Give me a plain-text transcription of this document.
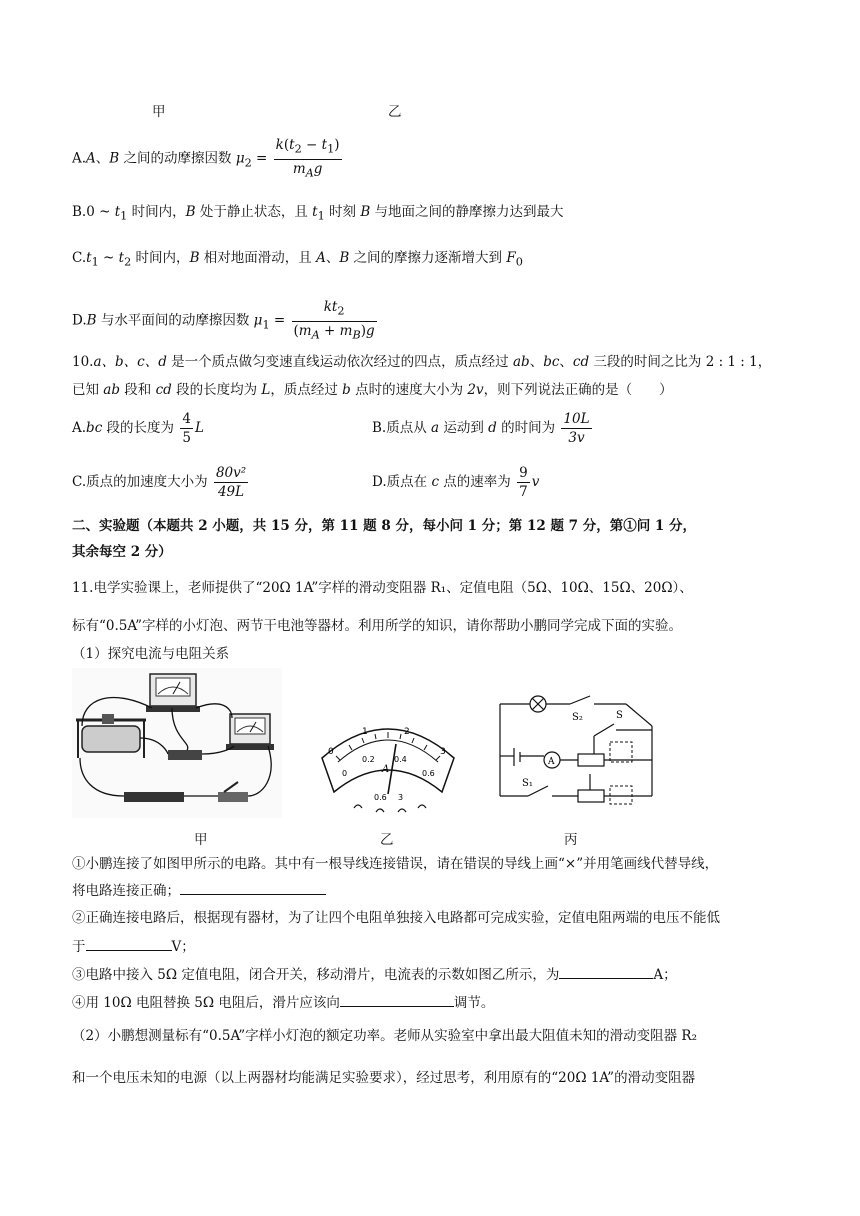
甲	乙
A.A、B 之间的动摩擦因数 $\mu_2 = \frac{k(t_2 - t_1)}{m_Ag}$
B.0 ~ $t_1$ 时间内，B 处于静止状态，且 $t_1$ 时刻 B 与地面之间的静摩擦力达到最大
$C.t_1$ ~ $t_2$ 时间内，B 相对地面滑动，且 A、B 之间的摩擦力逐渐增大到 $F_0$
D.B 与水平面间的动摩擦因数 $\mu_1 = \frac{kt_2}{(m_A + m_B)g}$
10.a、b、c、d 是一个质点做匀变速直线运动依次经过的四点，质点经过 ab、bc、cd 三段的时间之比为 2 : 1 : 1，
已知 ab 段和 cd 段的长度均为 L，质点经过 b 点时的速度大小为 2v，则下列说法正确的是（　　）
A.bc 段的长度为 $\frac{4}{5}$ L	B.质点从 a 运动到 d 的时间为 $\frac{10L}{3v}$
C.质点的加速度大小为 $\frac{\text{80v²}}{49L}$	D.质点在 c 点的速率为 $\frac{9}{7}$ v
二、实验题（本题共 2 小题，共 15 分，第 11 题 8 分，每小问 1 分；第 12 题 7 分，第①问 1 分，
其余每空 2 分）
11.电学实验课上，老师提供了“20Ω 1A”字样的滑动变阻器 R₁、定值电阻（5Ω、10Ω、15Ω、20Ω）、
标有“0.5A”字样的小灯泡、两节干电池等器材。利用所学的知识，请你帮助小鹏同学完成下面的实验。
（1）探究电流与电阻关系
0
1	2
3
0
0.2 0.4
0.6
A
0.6 3
S₂	S
S₁
A
甲	乙	丙
①小鹏连接了如图甲所示的电路。其中有一根导线连接错误，请在错误的导线上画“×”并用笔画线代替导线，
将电路连接正确；
②正确连接电路后，根据现有器材，为了让四个电阻单独接入电路都可完成实验，定值电阻两端的电压不能低
于	V；
③电路中接入 5Ω 定值电阻，闭合开关，移动滑片，电流表的示数如图乙所示，为	A；
④用 10Ω 电阻替换 5Ω 电阻后，滑片应该向	调节。
（2）小鹏想测量标有“0.5A”字样小灯泡的额定功率。老师从实验室中拿出最大阻值未知的滑动变阻器 R₂
和一个电压未知的电源（以上两器材均能满足实验要求），经过思考，利用原有的“20Ω 1A”的滑动变阻器
